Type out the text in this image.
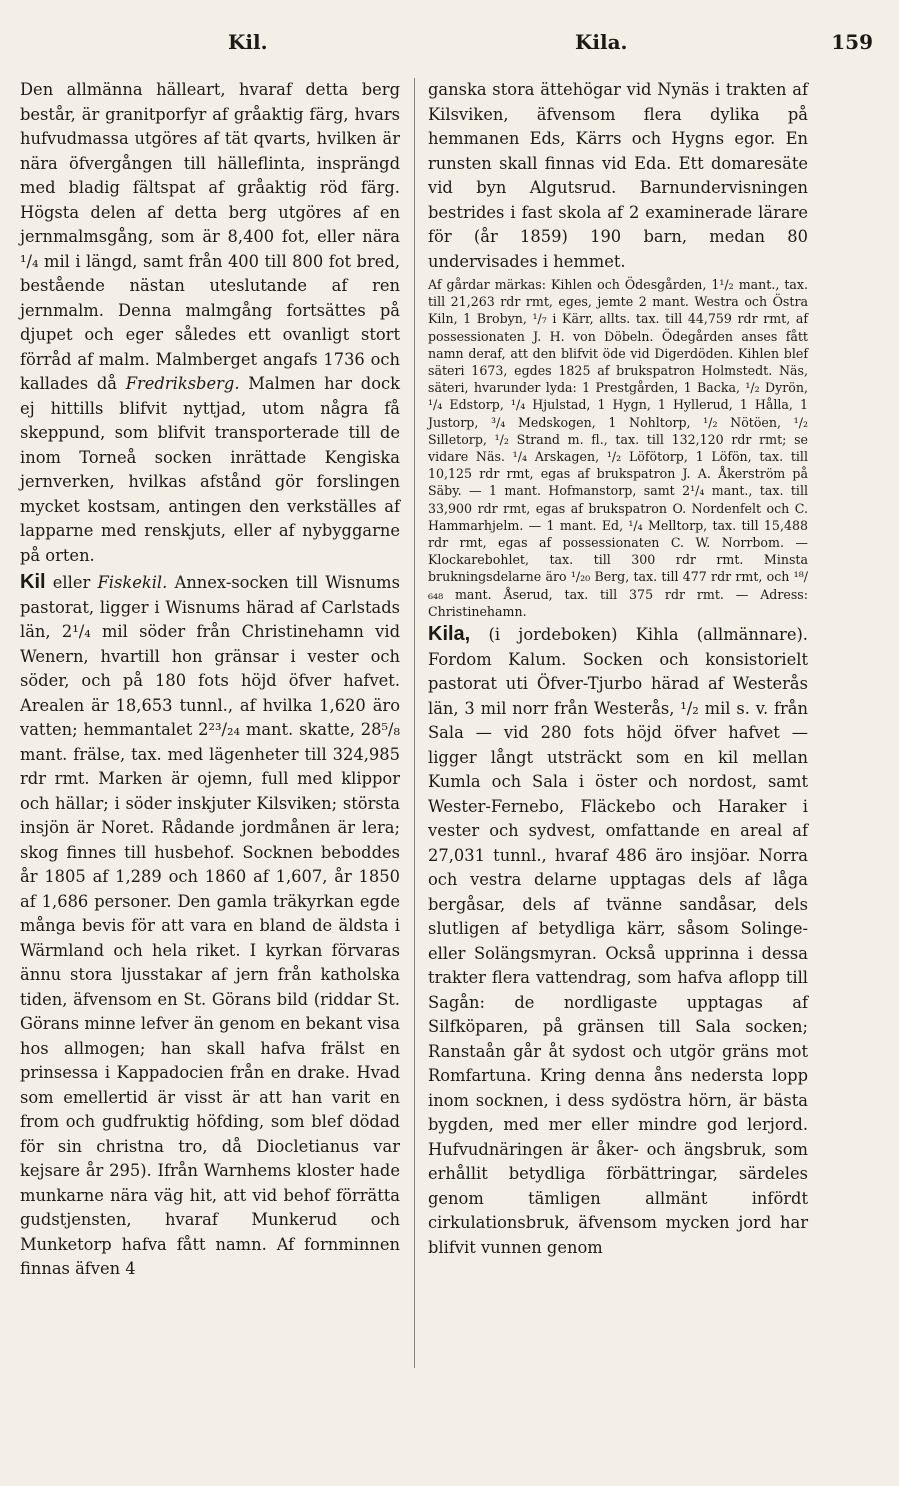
Kil.	Kila.	159

Den allmänna hälleart, hvaraf detta berg består, är granitporfyr af gråaktig färg, hvars hufvudmassa utgöres af tät qvarts, hvilken är nära öfvergången till hälleflinta, insprängd med bladig fältspat af gråaktig röd färg. Högsta delen af detta berg utgöres af en jernmalmsgång, som är 8,400 fot, eller nära ¹/₄ mil i längd, samt från 400 till 800 fot bred, bestående nästan uteslutande af ren jernmalm. Denna malmgång fortsättes på djupet och eger således ett ovanligt stort förråd af malm. Malmberget angafs 1736 och kallades då Fredriksberg. Malmen har dock ej hittills blifvit nyttjad, utom några få skeppund, som blifvit transporterade till de inom Torneå socken inrättade Kengiska jernverken, hvilkas afstånd gör forslingen mycket kostsam, antingen den verkställes af lapparne med renskjuts, eller af nybyggarne på orten.

Kil eller Fiskekil. Annex-socken till Wisnums pastorat, ligger i Wisnums härad af Carlstads län, 2¹/₄ mil söder från Christinehamn vid Wenern, hvartill hon gränsar i vester och söder, och på 180 fots höjd öfver hafvet. Arealen är 18,653 tunnl., af hvilka 1,620 äro vatten; hemmantalet 2²³/₂₄ mant. skatte, 28⁵/₈ mant. frälse, tax. med lägenheter till 324,985 rdr rmt. Marken är ojemn, full med klippor och hällar; i söder inskjuter Kilsviken; största insjön är Noret. Rådande jordmånen är lera; skog finnes till husbehof. Socknen beboddes år 1805 af 1,289 och 1860 af 1,607, år 1850 af 1,686 personer. Den gamla träkyrkan egde många bevis för att vara en bland de äldsta i Wärmland och hela riket. I kyrkan förvaras ännu stora ljusstakar af jern från katholska tiden, äfvensom en St. Görans bild (riddar St. Görans minne lefver än genom en bekant visa hos allmogen; han skall hafva frälst en prinsessa i Kappadocien från en drake. Hvad som emellertid är visst är att han varit en from och gudfruktig höfding, som blef dödad för sin christna tro, då Diocletianus var kejsare år 295). Ifrån Warnhems kloster hade munkarne nära väg hit, att vid behof förrätta gudstjensten, hvaraf Munkerud och Munketorp hafva fått namn. Af fornminnen finnas äfven 4

ganska stora ättehögar vid Nynäs i trakten af Kilsviken, äfvensom flera dylika på hemmanen Eds, Kärrs och Hygns egor. En runsten skall finnas vid Eda. Ett domaresäte vid byn Algutsrud. Barnundervisningen bestrides i fast skola af 2 examinerade lärare för (år 1859) 190 barn, medan 80 undervisades i hemmet.

Af gårdar märkas: Kihlen och Ödesgården, 1¹/₂ mant., tax. till 21,263 rdr rmt, eges, jemte 2 mant. Westra och Östra Kiln, 1 Brobyn, ¹/₇ i Kärr, allts. tax. till 44,759 rdr rmt, af possessionaten J. H. von Döbeln. Ödegården anses fått namn deraf, att den blifvit öde vid Digerdöden. Kihlen blef säteri 1673, egdes 1825 af brukspatron Holmstedt. Näs, säteri, hvarunder lyda: 1 Prestgården, 1 Backa, ¹/₂ Dyrön, ¹/₄ Edstorp, ¹/₄ Hjulstad, 1 Hygn, 1 Hyllerud, 1 Hålla, 1 Justorp, ³/₄ Medskogen, 1 Nohltorp, ¹/₂ Nötöen, ¹/₂ Silletorp, ¹/₂ Strand m. fl., tax. till 132,120 rdr rmt; se vidare Näs. ¹/₄ Arskagen, ¹/₂ Löfötorp, 1 Löfön, tax. till 10,125 rdr rmt, egas af brukspatron J. A. Åkerström på Säby. — 1 mant. Hofmanstorp, samt 2¹/₄ mant., tax. till 33,900 rdr rmt, egas af brukspatron O. Nordenfelt och C. Hammarhjelm. — 1 mant. Ed, ¹/₄ Melltorp, tax. till 15,488 rdr rmt, egas af possessionaten C. W. Norrbom. — Klockarebohlet, tax. till 300 rdr rmt. Minsta brukningsdelarne äro ¹/₂₀ Berg, tax. till 477 rdr rmt, och ¹⁸/₆₄₈ mant. Åserud, tax. till 375 rdr rmt. — Adress: Christinehamn.

Kila, (i jordeboken) Kihla (allmännare). Fordom Kalum. Socken och konsistorielt pastorat uti Öfver-Tjurbo härad af Westerås län, 3 mil norr från Westerås, ¹/₂ mil s. v. från Sala — vid 280 fots höjd öfver hafvet — ligger långt utsträckt som en kil mellan Kumla och Sala i öster och nordost, samt Wester-Fernebo, Fläckebo och Haraker i vester och sydvest, omfattande en areal af 27,031 tunnl., hvaraf 486 äro insjöar. Norra och vestra delarne upptagas dels af låga bergåsar, dels af tvänne sandåsar, dels slutligen af betydliga kärr, såsom Solinge- eller Solängsmyran. Också upprinna i dessa trakter flera vattendrag, som hafva aflopp till Sagån: de nordligaste upptagas af Silfköparen, på gränsen till Sala socken; Ranstaån går åt sydost och utgör gräns mot Romfartuna. Kring denna åns nedersta lopp inom socknen, i dess sydöstra hörn, är bästa bygden, med mer eller mindre god lerjord. Hufvudnäringen är åker- och ängsbruk, som erhållit betydliga förbättringar, särdeles genom tämligen allmänt infördt cirkulationsbruk, äfvensom mycken jord har blifvit vunnen genom
